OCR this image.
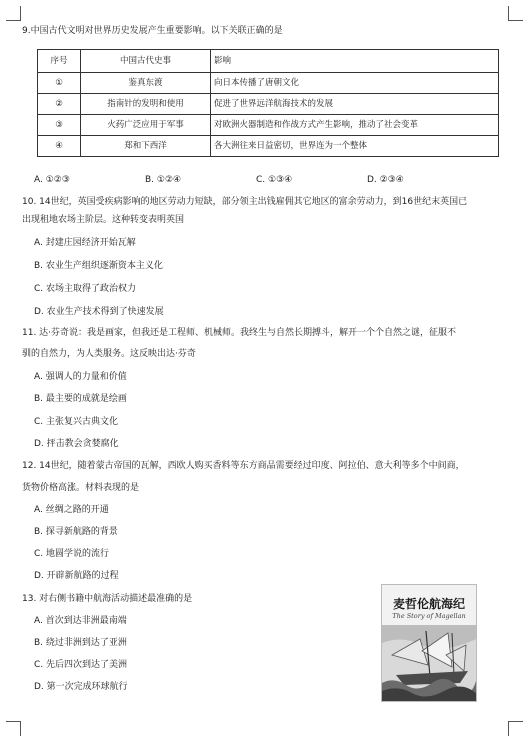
9.中国古代文明对世界历史发展产生重要影响。以下关联正确的是
序号	中国古代史事	影响
①	鉴真东渡	向日本传播了唐朝文化
②	指南针的发明和使用	促进了世界远洋航海技术的发展
③	火药广泛应用于军事	对欧洲火器制造和作战方式产生影响，推动了社会变革
④	郑和下西洋	各大洲往来日益密切，世界连为一个整体
A. ①②③	B. ①②④	C. ①③④	D. ②③④
10. 14世纪，英国受疾病影响的地区劳动力短缺，部分领主出钱雇佣其它地区的富余劳动力，到16世纪末英国已
出现租地农场主阶层。这种转变表明英国
A. 封建庄园经济开始瓦解
B. 农业生产组织逐渐资本主义化
C. 农场主取得了政治权力
D. 农业生产技术得到了快速发展
11. 达·芬奇说：我是画家，但我还是工程师、机械师。我终生与自然长期搏斗，解开一个个自然之谜，征服不
驯的自然力，为人类服务。这反映出达·芬奇
A. 强调人的力量和价值
B. 最主要的成就是绘画
C. 主张复兴古典文化
D. 抨击教会贪婪腐化
12. 14世纪，随着蒙古帝国的瓦解，西欧人购买香料等东方商品需要经过印度、阿拉伯、意大利等多个中间商，
货物价格高涨。材料表现的是
A. 丝绸之路的开通
B. 探寻新航路的背景
C. 地圆学说的流行
D. 开辟新航路的过程
13. 对右侧书籍中航海活动描述最准确的是
A. 首次到达非洲最南端
B. 绕过非洲到达了亚洲
C. 先后四次到达了美洲
D. 第一次完成环球航行
麦哲伦航海纪
The Story of Magellan
